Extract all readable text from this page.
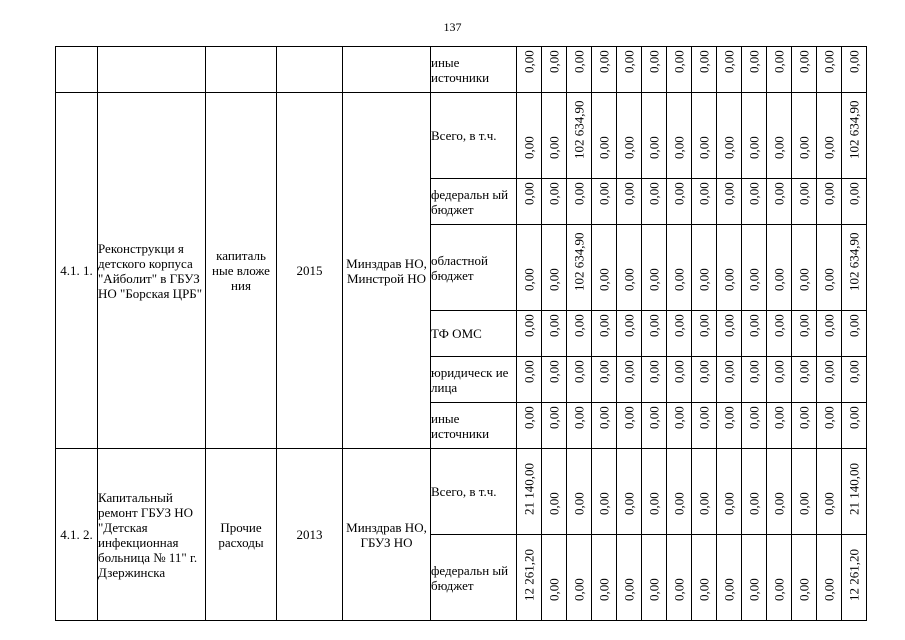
137
					иные источники	0,00	0,00	0,00	0,00	0,00	0,00	0,00	0,00	0,00	0,00	0,00	0,00	0,00	0,00

4.1. 1.	Реконструкци я детского корпуса "Айболит" в ГБУЗ НО "Борская ЦРБ"	капиталь ные вложе ния	2015	Минздрав НО, Минстрой НО	Всего, в т.ч.	0,00	0,00	102 634,90	0,00	0,00	0,00	0,00	0,00	0,00	0,00	0,00	0,00	0,00	102 634,90

					федеральн ый бюджет	0,00	0,00	0,00	0,00	0,00	0,00	0,00	0,00	0,00	0,00	0,00	0,00	0,00	0,00

					областной бюджет	0,00	0,00	102 634,90	0,00	0,00	0,00	0,00	0,00	0,00	0,00	0,00	0,00	0,00	102 634,90

					ТФ ОМС	0,00	0,00	0,00	0,00	0,00	0,00	0,00	0,00	0,00	0,00	0,00	0,00	0,00	0,00

					юридическ ие лица	0,00	0,00	0,00	0,00	0,00	0,00	0,00	0,00	0,00	0,00	0,00	0,00	0,00	0,00

					иные источники	0,00	0,00	0,00	0,00	0,00	0,00	0,00	0,00	0,00	0,00	0,00	0,00	0,00	0,00

4.1. 2.	Капитальный ремонт ГБУЗ НО "Детская инфекционная больница № 11" г. Дзержинска	Прочие расходы	2013	Минздрав НО, ГБУЗ НО	Всего, в т.ч.	21 140,00	0,00	0,00	0,00	0,00	0,00	0,00	0,00	0,00	0,00	0,00	0,00	0,00	21 140,00

					федеральн ый бюджет	12 261,20	0,00	0,00	0,00	0,00	0,00	0,00	0,00	0,00	0,00	0,00	0,00	0,00	12 261,20
